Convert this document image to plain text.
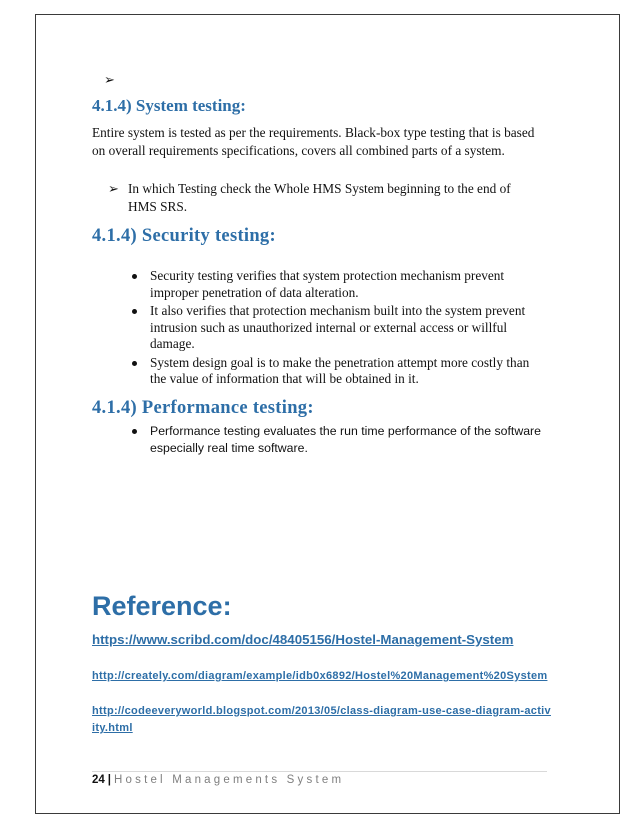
➢
4.1.4) System testing:

Entire system is tested as per the requirements. Black-box type testing that is based on overall requirements specifications, covers all combined parts of a system.

➢ In which Testing check the Whole HMS System beginning to the end of HMS SRS.
4.1.4) Security testing:
Security testing verifies that system protection mechanism prevent improper penetration of data alteration.
It also verifies that protection mechanism built into the system prevent intrusion such as unauthorized internal or external access or willful damage.
System design goal is to make the penetration attempt more costly than the value of information that will be obtained in it.
4.1.4) Performance testing:
Performance testing evaluates the run time performance of the software especially real time software.
Reference:
https://www.scribd.com/doc/48405156/Hostel-Management-System
http://creately.com/diagram/example/idb0x6892/Hostel%20Management%20System
http://codeeveryworld.blogspot.com/2013/05/class-diagram-use-case-diagram-activity.html
24 | Hostel Managements System
